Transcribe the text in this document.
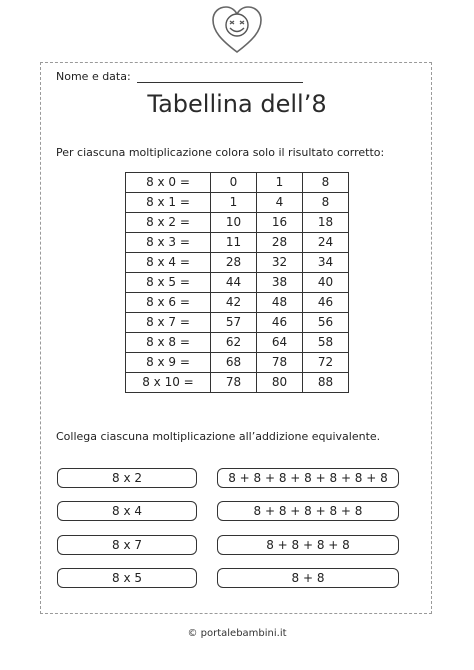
Nome e data:
Tabellina dell’8
Per ciascuna moltiplicazione colora solo il risultato corretto:
8 x 0 =	0	1	8
8 x 1 =	1	4	8
8 x 2 =	10	16	18
8 x 3 =	11	28	24
8 x 4 =	28	32	34
8 x 5 =	44	38	40
8 x 6 =	42	48	46
8 x 7 =	57	46	56
8 x 8 =	62	64	58
8 x 9 =	68	78	72
8 x 10 =	78	80	88
Collega ciascuna moltiplicazione all’addizione equivalente.
8 x 2
8 x 4
8 x 7
8 x 5
8 + 8 + 8 + 8 + 8 + 8 + 8
8 + 8 + 8 + 8 + 8
8 + 8 + 8 + 8
8 + 8
© portalebambini.it
